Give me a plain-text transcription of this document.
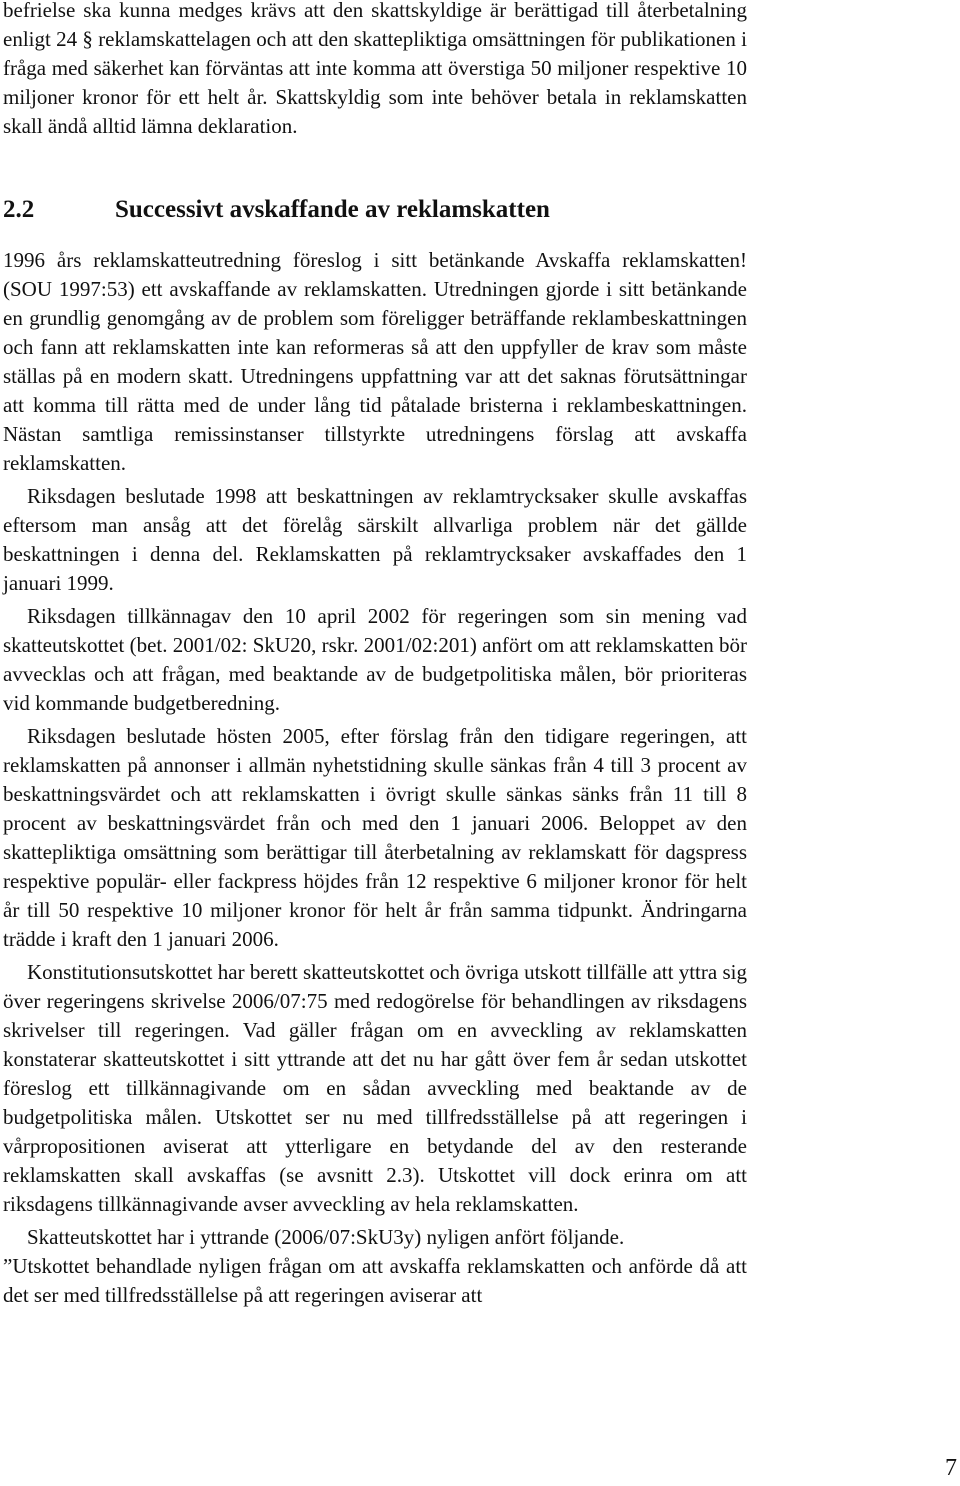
befrielse ska kunna medges krävs att den skattskyldige är berättigad till återbetalning enligt 24 § reklamskattelagen och att den skattepliktiga omsättningen för publikationen i fråga med säkerhet kan förväntas att inte komma att överstiga 50 miljoner respektive 10 miljoner kronor för ett helt år. Skattskyldig som inte behöver betala in reklamskatten skall ändå alltid lämna deklaration.

2.2	Successivt avskaffande av reklamskatten

1996 års reklamskatteutredning föreslog i sitt betänkande Avskaffa reklamskatten! (SOU 1997:53) ett avskaffande av reklamskatten. Utredningen gjorde i sitt betänkande en grundlig genomgång av de problem som föreligger beträffande reklambeskattningen och fann att reklamskatten inte kan reformeras så att den uppfyller de krav som måste ställas på en modern skatt. Utredningens uppfattning var att det saknas förutsättningar att komma till rätta med de under lång tid påtalade bristerna i reklambeskattningen. Nästan samtliga remissinstanser tillstyrkte utredningens förslag att avskaffa reklamskatten.

Riksdagen beslutade 1998 att beskattningen av reklamtrycksaker skulle avskaffas eftersom man ansåg att det förelåg särskilt allvarliga problem när det gällde beskattningen i denna del. Reklamskatten på reklamtrycksaker avskaffades den 1 januari 1999.

Riksdagen tillkännagav den 10 april 2002 för regeringen som sin mening vad skatteutskottet (bet. 2001/02: SkU20, rskr. 2001/02:201) anfört om att reklamskatten bör avvecklas och att frågan, med beaktande av de budgetpolitiska målen, bör prioriteras vid kommande budgetberedning.

Riksdagen beslutade hösten 2005, efter förslag från den tidigare regeringen, att reklamskatten på annonser i allmän nyhetstidning skulle sänkas från 4 till 3 procent av beskattningsvärdet och att reklamskatten i övrigt skulle sänkas sänks från 11 till 8 procent av beskattningsvärdet från och med den 1 januari 2006. Beloppet av den skattepliktiga omsättning som berättigar till återbetalning av reklamskatt för dagspress respektive populär- eller fackpress höjdes från 12 respektive 6 miljoner kronor för helt år till 50 respektive 10 miljoner kronor för helt år från samma tidpunkt. Ändringarna trädde i kraft den 1 januari 2006.

Konstitutionsutskottet har berett skatteutskottet och övriga utskott tillfälle att yttra sig över regeringens skrivelse 2006/07:75 med redogörelse för behandlingen av riksdagens skrivelser till regeringen. Vad gäller frågan om en avveckling av reklamskatten konstaterar skatteutskottet i sitt yttrande att det nu har gått över fem år sedan utskottet föreslog ett tillkännagivande om en sådan avveckling med beaktande av de budgetpolitiska målen. Utskottet ser nu med tillfredsställelse på att regeringen i vårpropositionen aviserat att ytterligare en betydande del av den resterande reklamskatten skall avskaffas (se avsnitt 2.3). Utskottet vill dock erinra om att riksdagens tillkännagivande avser avveckling av hela reklamskatten.

Skatteutskottet har i yttrande (2006/07:SkU3y) nyligen anfört följande.

”Utskottet behandlade nyligen frågan om att avskaffa reklamskatten och anförde då att det ser med tillfredsställelse på att regeringen aviserar att

7
